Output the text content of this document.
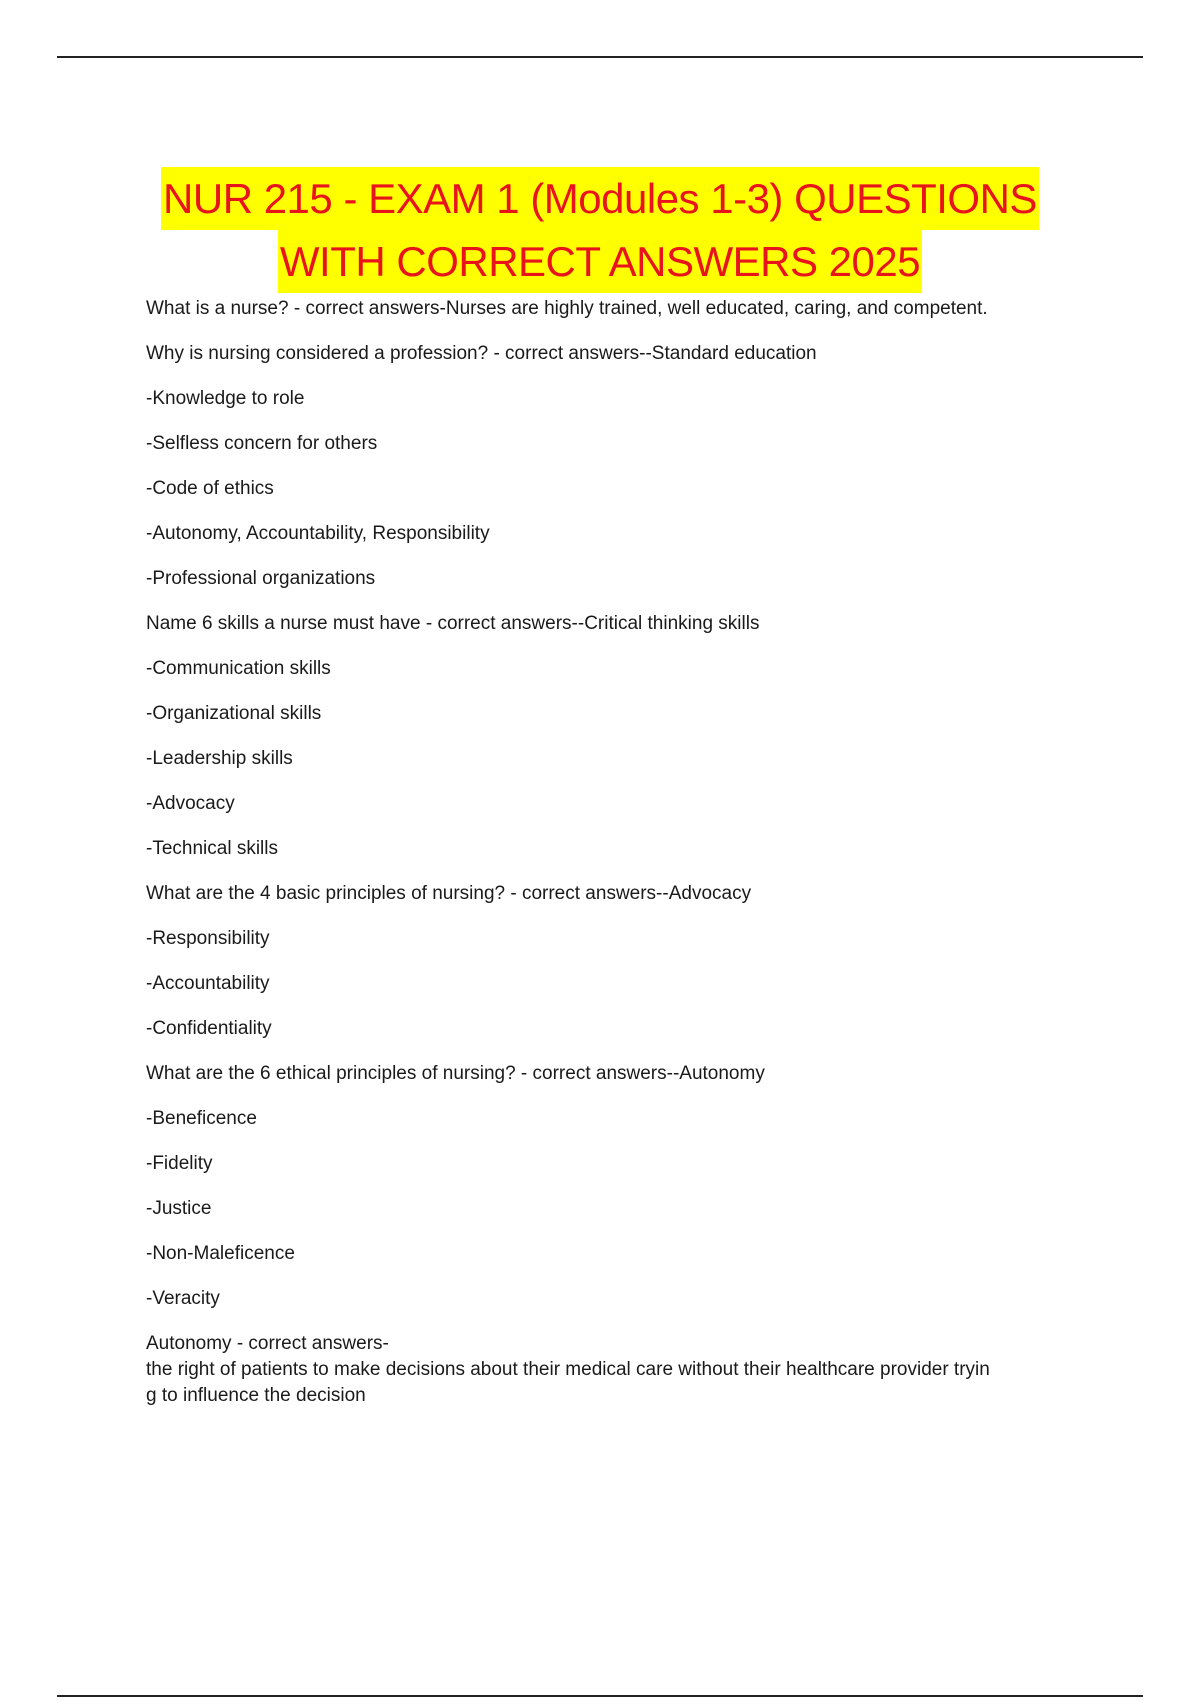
NUR 215 - EXAM 1 (Modules 1-3) QUESTIONS
WITH CORRECT ANSWERS 2025
What is a nurse? - correct answers-Nurses are highly trained, well educated, caring, and competent.
Why is nursing considered a profession? - correct answers--Standard education
-Knowledge to role
-Selfless concern for others
-Code of ethics
-Autonomy, Accountability, Responsibility
-Professional organizations
Name 6 skills a nurse must have - correct answers--Critical thinking skills
-Communication skills
-Organizational skills
-Leadership skills
-Advocacy
-Technical skills
What are the 4 basic principles of nursing? - correct answers--Advocacy
-Responsibility
-Accountability
-Confidentiality
What are the 6 ethical principles of nursing? - correct answers--Autonomy
-Beneficence
-Fidelity
-Justice
-Non-Maleficence
-Veracity
Autonomy - correct answers-
the right of patients to make decisions about their medical care without their healthcare provider tryin
g to influence the decision
